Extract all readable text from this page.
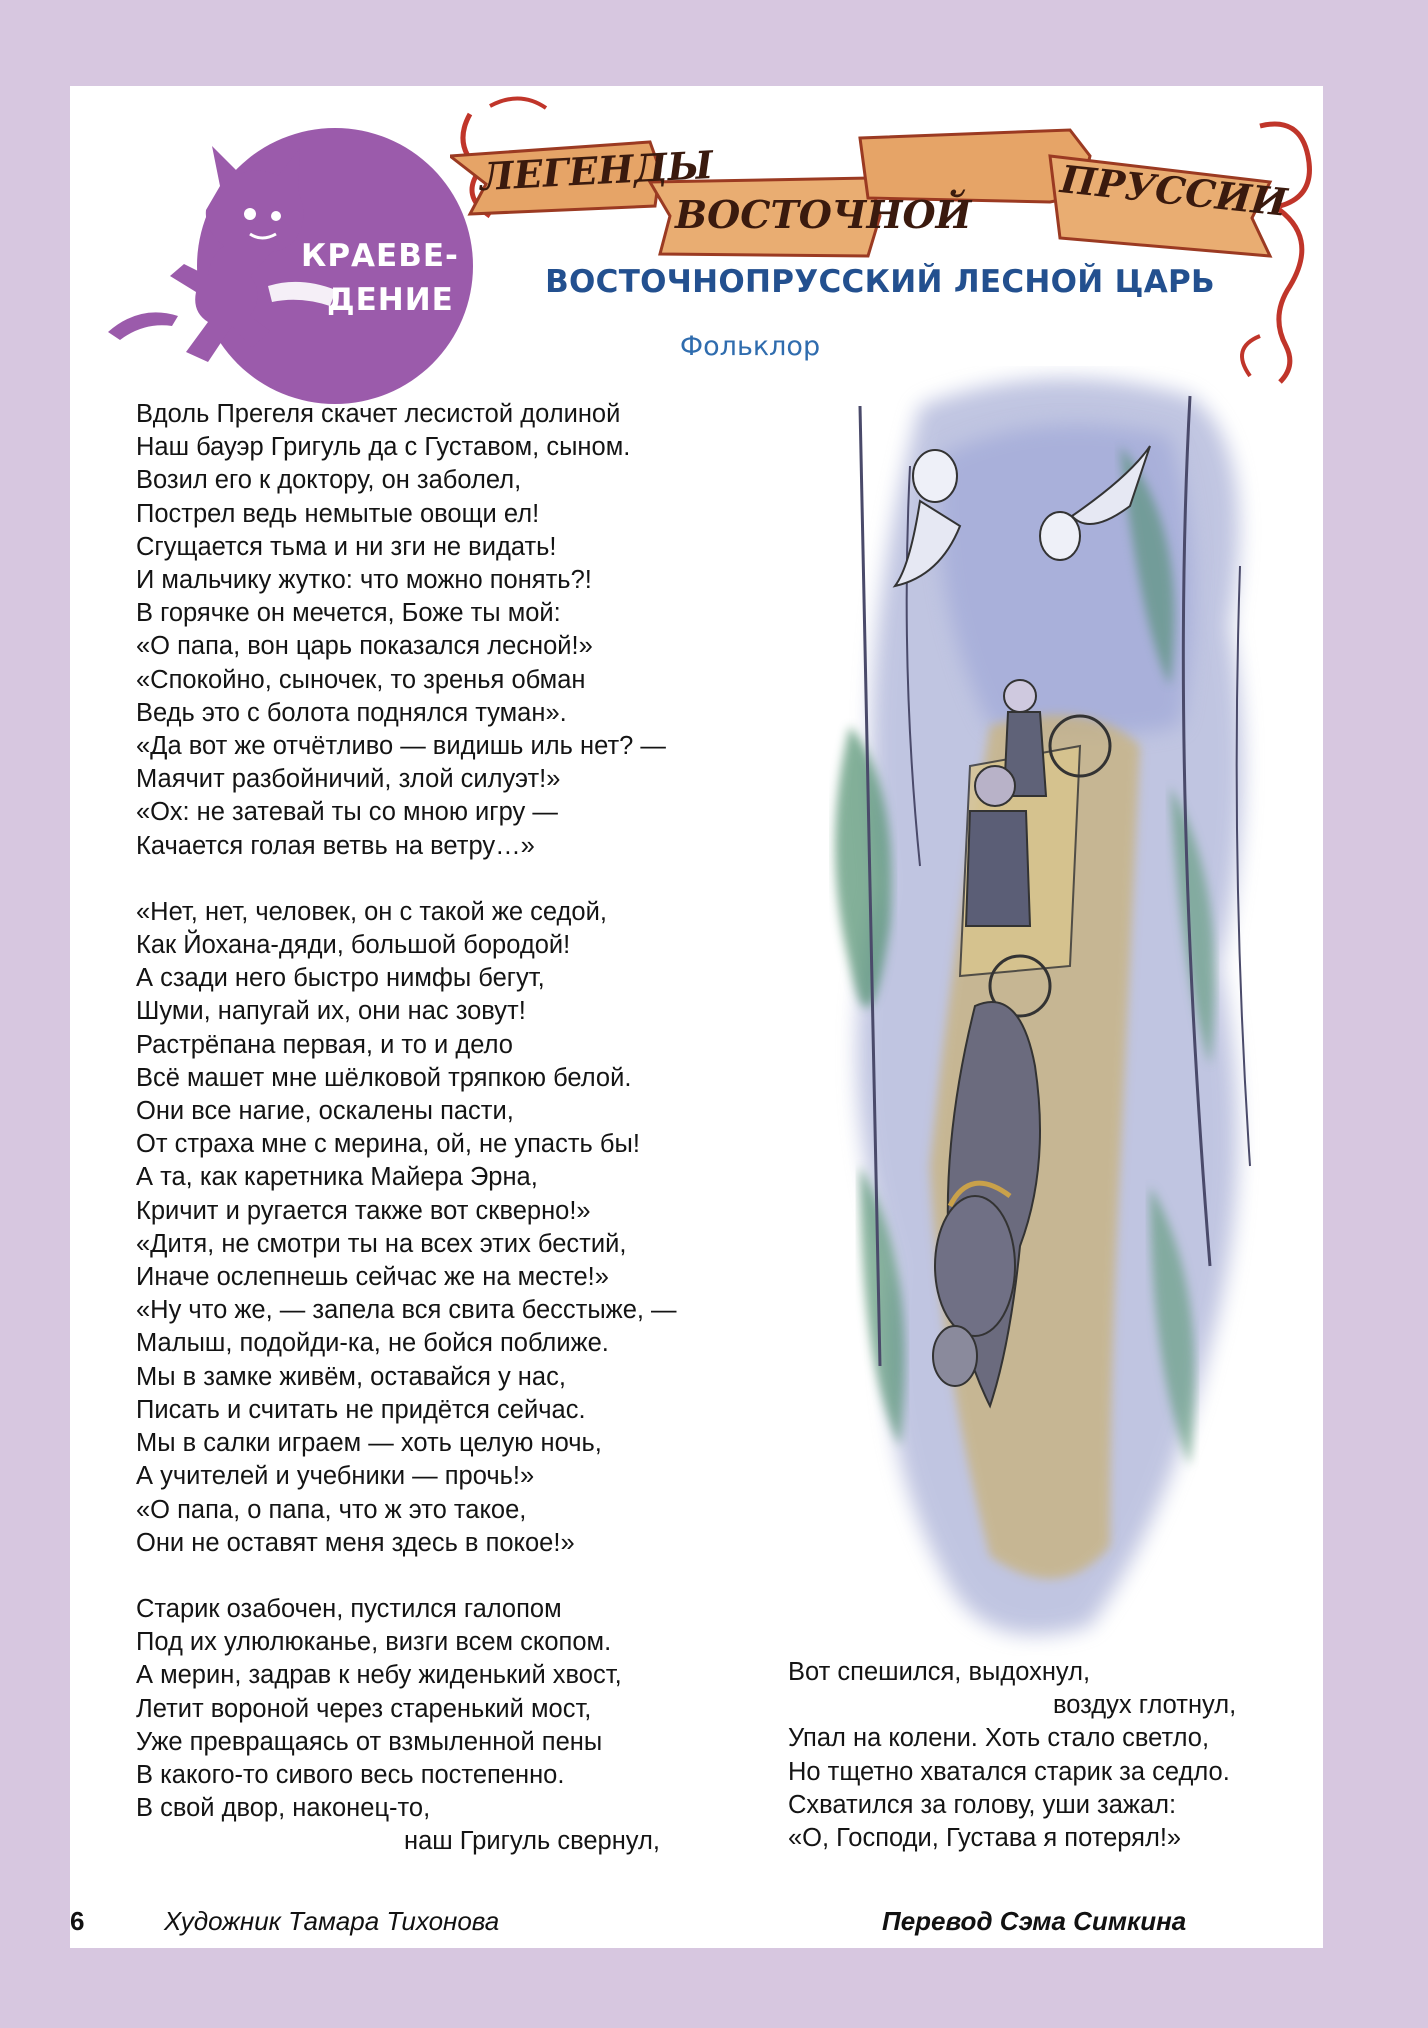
КРАЕВЕ-
ДЕНИЕ
ЛЕГЕНДЫ
ВОСТОЧНОЙ ПРУССИИ
ВОСТОЧНОПРУССКИЙ ЛЕСНОЙ ЦАРЬ
Фольклор
Вдоль Прегеля скачет лесистой долиной
Наш бауэр Григуль да с Густавом, сыном.
Возил его к доктору, он заболел,
Пострел ведь немытые овощи ел!
Сгущается тьма и ни зги не видать!
И мальчику жутко: что можно понять?!
В горячке он мечется, Боже ты мой:
«О папа, вон царь показался лесной!»
«Спокойно, сыночек, то зренья обман
Ведь это с болота поднялся туман».
«Да вот же отчётливо — видишь иль нет? —
Маячит разбойничий, злой силуэт!»
«Ох: не затевай ты со мною игру —
Качается голая ветвь на ветру…»
«Нет, нет, человек, он с такой же седой,
Как Йохана-дяди, большой бородой!
А сзади него быстро нимфы бегут,
Шуми, напугай их, они нас зовут!
Растрёпана первая, и то и дело
Всё машет мне шёлковой тряпкою белой.
Они все нагие, оскалены пасти,
От страха мне с мерина, ой, не упасть бы!
А та, как каретника Майера Эрна,
Кричит и ругается также вот скверно!»
«Дитя, не смотри ты на всех этих бестий,
Иначе ослепнешь сейчас же на месте!»
«Ну что же, — запела вся свита бесстыже, —
Малыш, подойди-ка, не бойся поближе.
Мы в замке живём, оставайся у нас,
Писать и считать не придётся сейчас.
Мы в салки играем — хоть целую ночь,
А учителей и учебники — прочь!»
«О папа, о папа, что ж это такое,
Они не оставят меня здесь в покое!»
Старик озабочен, пустился галопом
Под их улюлюканье, визги всем скопом.
А мерин, задрав к небу жиденький хвост,
Летит вороной через старенький мост,
Уже превращаясь от взмыленной пены
В какого-то сивого весь постепенно.
В свой двор, наконец-то,
наш Григуль свернул,
Вот спешился, выдохнул,
воздух глотнул,
Упал на колени. Хоть стало светло,
Но тщетно хватался старик за седло.
Схватился за голову, уши зажал:
«О, Господи, Густава я потерял!»
6	Художник Тамара Тихонова	Перевод Сэма Симкина
